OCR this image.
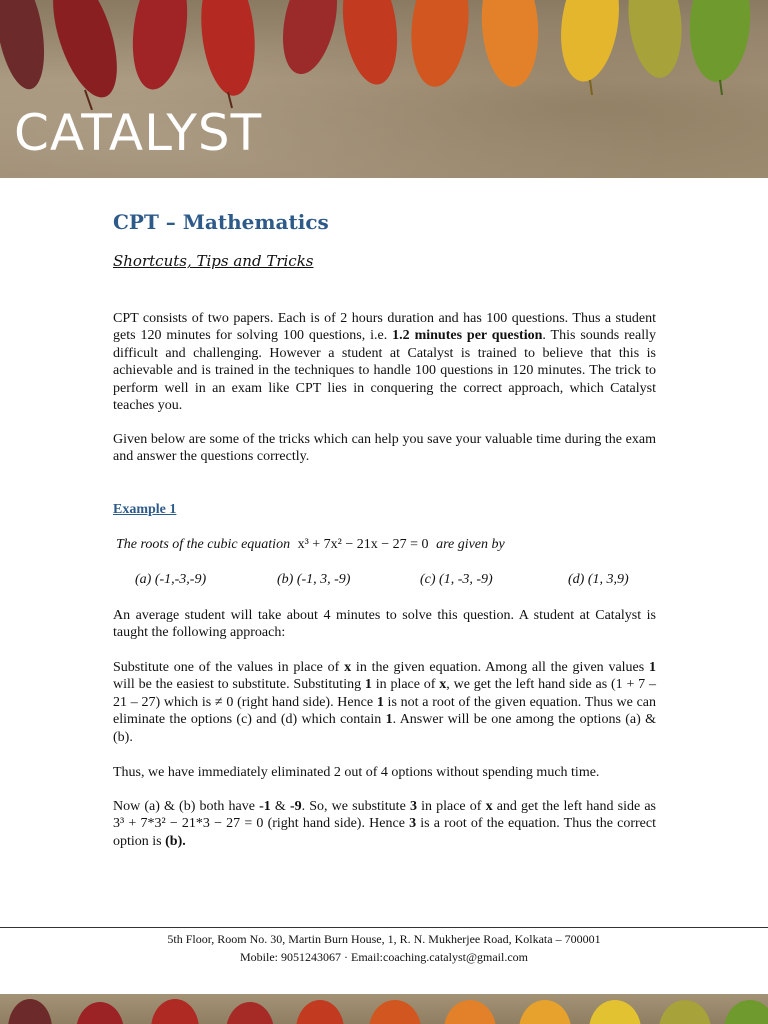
CATALYST
CPT – Mathematics
Shortcuts, Tips and Tricks
CPT consists of two papers. Each is of 2 hours duration and has 100 questions. Thus a student gets 120 minutes for solving 100 questions, i.e. 1.2 minutes per question. This sounds really difficult and challenging. However a student at Catalyst is trained to believe that this is achievable and is trained in the techniques to handle 100 questions in 120 minutes. The trick to perform well in an exam like CPT lies in conquering the correct approach, which Catalyst teaches you.
Given below are some of the tricks which can help you save your valuable time during the exam and answer the questions correctly.
Example 1
The roots of the cubic equation x³ + 7x² − 21x − 27 = 0 are given by
(a) (-1,-3,-9)	(b) (-1, 3, -9)	(c) (1, -3, -9)	(d) (1, 3,9)
An average student will take about 4 minutes to solve this question. A student at Catalyst is taught the following approach:
Substitute one of the values in place of x in the given equation. Among all the given values 1 will be the easiest to substitute. Substituting 1 in place of x, we get the left hand side as (1 + 7 – 21 – 27) which is ≠ 0 (right hand side). Hence 1 is not a root of the given equation. Thus we can eliminate the options (c) and (d) which contain 1. Answer will be one among the options (a) & (b).
Thus, we have immediately eliminated 2 out of 4 options without spending much time.
Now (a) & (b) both have -1 & -9. So, we substitute 3 in place of x and get the left hand side as 3³ + 7*3² − 21*3 − 27 = 0 (right hand side). Hence 3 is a root of the equation. Thus the correct option is (b).
5th Floor, Room No. 30, Martin Burn House, 1, R. N. Mukherjee Road, Kolkata – 700001
Mobile: 9051243067 · Email:coaching.catalyst@gmail.com
